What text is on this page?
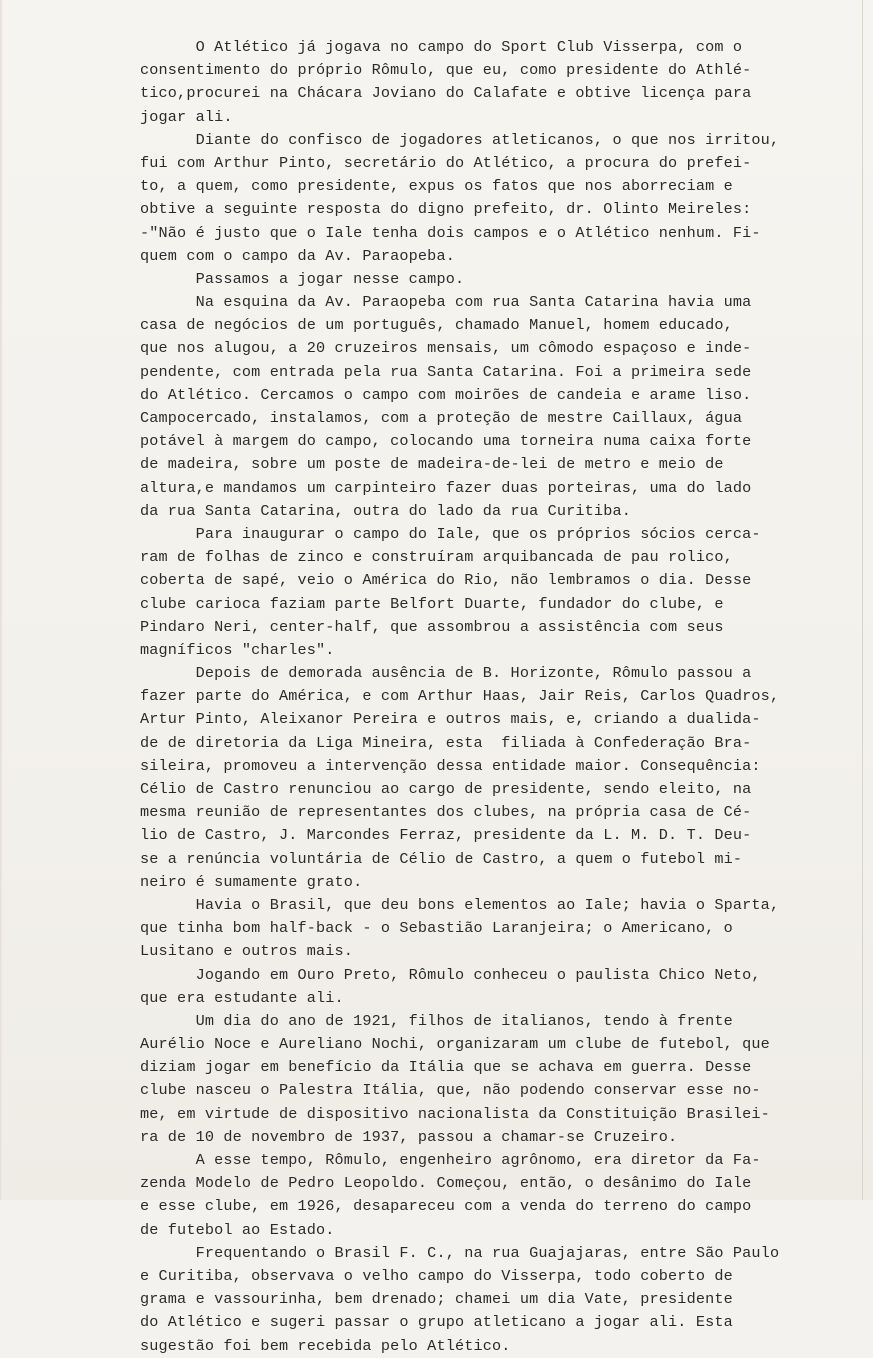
O Atlético já jogava no campo do Sport Club Visserpa, com o
consentimento do próprio Rômulo, que eu, como presidente do Athlé-
tico,procurei na Chácara Joviano do Calafate e obtive licença para
jogar ali.
Diante do confisco de jogadores atleticanos, o que nos irritou,
fui com Arthur Pinto, secretário do Atlético, a procura do prefei-
to, a quem, como presidente, expus os fatos que nos aborreciam e
obtive a seguinte resposta do digno prefeito, dr. Olinto Meireles:
-"Não é justo que o Iale tenha dois campos e o Atlético nenhum. Fi-
quem com o campo da Av. Paraopeba.
Passamos a jogar nesse campo.
Na esquina da Av. Paraopeba com rua Santa Catarina havia uma
casa de negócios de um português, chamado Manuel, homem educado,
que nos alugou, a 20 cruzeiros mensais, um cômodo espaçoso e inde-
pendente, com entrada pela rua Santa Catarina. Foi a primeira sede
do Atlético. Cercamos o campo com moirões de candeia e arame liso.
Campocercado, instalamos, com a proteção de mestre Caillaux, água
potável à margem do campo, colocando uma torneira numa caixa forte
de madeira, sobre um poste de madeira-de-lei de metro e meio de
altura,e mandamos um carpinteiro fazer duas porteiras, uma do lado
da rua Santa Catarina, outra do lado da rua Curitiba.
Para inaugurar o campo do Iale, que os próprios sócios cerca-
ram de folhas de zinco e construíram arquibancada de pau rolico,
coberta de sapé, veio o América do Rio, não lembramos o dia. Desse
clube carioca faziam parte Belfort Duarte, fundador do clube, e
Pindaro Neri, center-half, que assombrou a assistência com seus
magníficos "charles".
Depois de demorada ausência de B. Horizonte, Rômulo passou a
fazer parte do América, e com Arthur Haas, Jair Reis, Carlos Quadros,
Artur Pinto, Aleixanor Pereira e outros mais, e, criando a dualida-
de de diretoria da Liga Mineira, esta  filiada à Confederação Bra-
sileira, promoveu a intervenção dessa entidade maior. Consequência:
Célio de Castro renunciou ao cargo de presidente, sendo eleito, na
mesma reunião de representantes dos clubes, na própria casa de Cé-
lio de Castro, J. Marcondes Ferraz, presidente da L. M. D. T. Deu-
se a renúncia voluntária de Célio de Castro, a quem o futebol mi-
neiro é sumamente grato.
Havia o Brasil, que deu bons elementos ao Iale; havia o Sparta,
que tinha bom half-back - o Sebastião Laranjeira; o Americano, o
Lusitano e outros mais.
Jogando em Ouro Preto, Rômulo conheceu o paulista Chico Neto,
que era estudante ali.
Um dia do ano de 1921, filhos de italianos, tendo à frente
Aurélio Noce e Aureliano Nochi, organizaram um clube de futebol, que
diziam jogar em benefício da Itália que se achava em guerra. Desse
clube nasceu o Palestra Itália, que, não podendo conservar esse no-
me, em virtude de dispositivo nacionalista da Constituição Brasilei-
ra de 10 de novembro de 1937, passou a chamar-se Cruzeiro.
A esse tempo, Rômulo, engenheiro agrônomo, era diretor da Fa-
zenda Modelo de Pedro Leopoldo. Começou, então, o desânimo do Iale
e esse clube, em 1926, desapareceu com a venda do terreno do campo
de futebol ao Estado.
Frequentando o Brasil F. C., na rua Guajajaras, entre São Paulo
e Curitiba, observava o velho campo do Visserpa, todo coberto de
grama e vassourinha, bem drenado; chamei um dia Vate, presidente
do Atlético e sugeri passar o grupo atleticano a jogar ali. Esta
sugestão foi bem recebida pelo Atlético.
